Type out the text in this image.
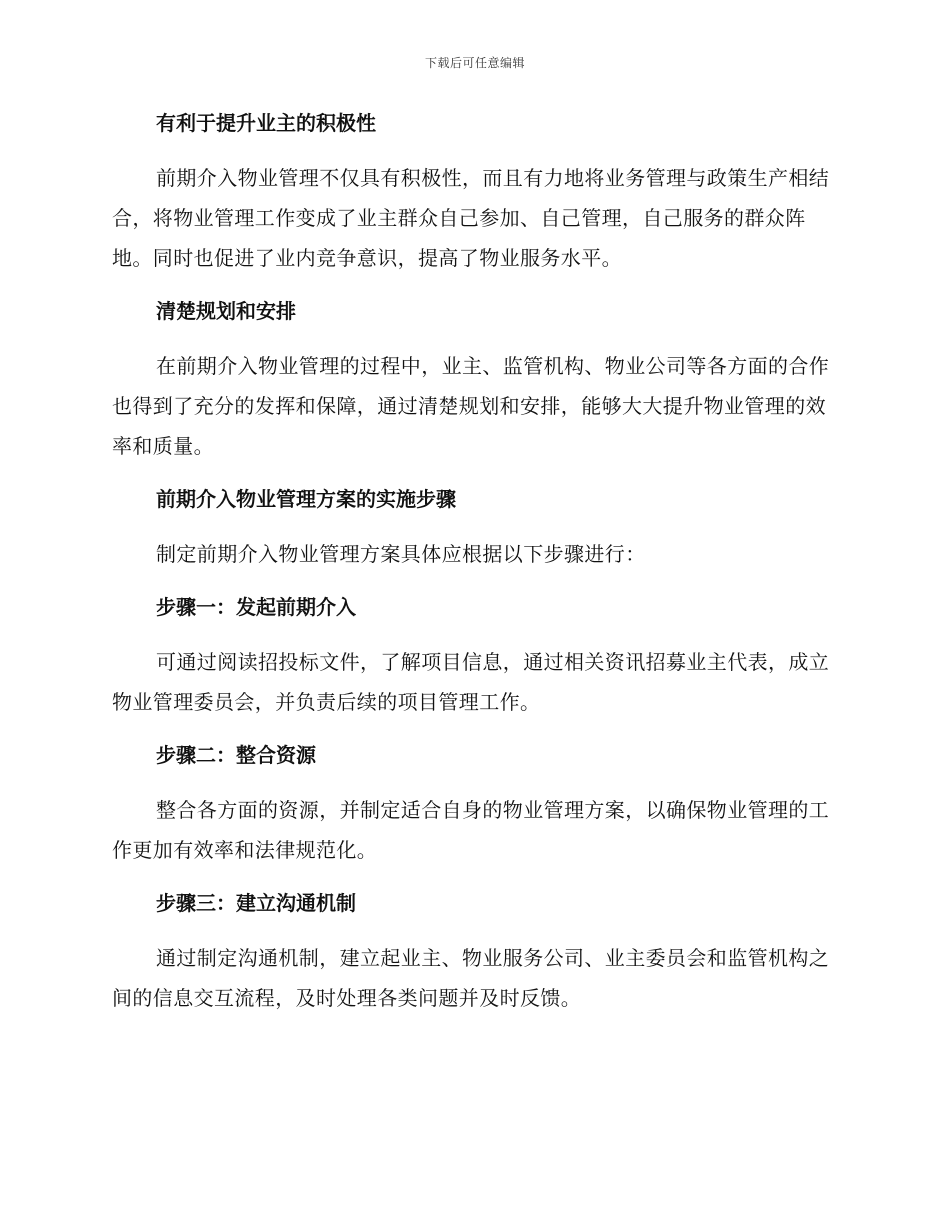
下载后可任意编辑
有利于提升业主的积极性

前期介入物业管理不仅具有积极性，而且有力地将业务管理与政策生产相结合，将物业管理工作变成了业主群众自己参加、自己管理，自己服务的群众阵地。同时也促进了业内竞争意识，提高了物业服务水平。

清楚规划和安排

在前期介入物业管理的过程中，业主、监管机构、物业公司等各方面的合作也得到了充分的发挥和保障，通过清楚规划和安排，能够大大提升物业管理的效率和质量。

前期介入物业管理方案的实施步骤

制定前期介入物业管理方案具体应根据以下步骤进行：

步骤一：发起前期介入

可通过阅读招投标文件，了解项目信息，通过相关资讯招募业主代表，成立物业管理委员会，并负责后续的项目管理工作。

步骤二：整合资源

整合各方面的资源，并制定适合自身的物业管理方案，以确保物业管理的工作更加有效率和法律规范化。

步骤三：建立沟通机制

通过制定沟通机制，建立起业主、物业服务公司、业主委员会和监管机构之间的信息交互流程，及时处理各类问题并及时反馈。
